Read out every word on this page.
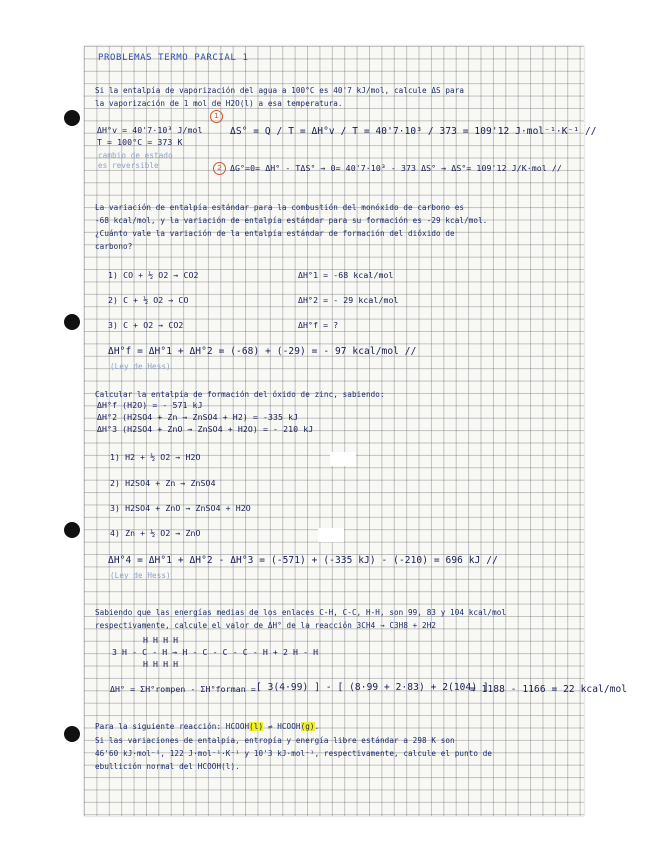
PROBLEMAS TERMO PARCIAL 1
Si la entalpía de vaporización del agua a 100°C es 40'7 kJ/mol, calcule ΔS para
la vaporización de 1 mol de H2O(l) a esa temperatura.
1
ΔH°v = 40'7·10³ J/mol
T = 100°C = 373 K
cambio de estado
es reversible
ΔS° = Q / T = ΔH°v / T = 40'7·10³ / 373 = 109'12 J·mol⁻¹·K⁻¹ //
2	ΔG°=0= ΔH° - TΔS° → 0= 40'7·10³ - 373 ΔS° → ΔS°= 109'12 J/K·mol //
La variación de entalpía estándar para la combustión del monóxido de carbono es
-68 kcal/mol, y la variación de entalpía estándar para su formación es -29 kcal/mol.
¿Cuánto vale la variación de la entalpía estándar de formación del dióxido de
carbono?
1) CO + ½ O2 → CO2	ΔH°1 = -68 kcal/mol
2) C + ½ O2 → CO	ΔH°2 = - 29 kcal/mol
3) C + O2 → CO2	ΔH°f = ?
ΔH°f = ΔH°1 + ΔH°2 = (-68) + (-29) = - 97 kcal/mol //
(Ley de Hess)
Calcular la entalpía de formación del óxido de zinc, sabiendo:
ΔH°f (H2O) = - 571 kJ
ΔH°2 (H2SO4 + Zn → ZnSO4 + H2) = -335 kJ
ΔH°3 (H2SO4 + ZnO → ZnSO4 + H2O) = - 210 kJ
1) H2 + ½ O2 → H2O
2) H2SO4 + Zn → ZnSO4
3) H2SO4 + ZnO → ZnSO4 + H2O
4) Zn + ½ O2 → ZnO
ΔH°4 = ΔH°1 + ΔH°2 - ΔH°3 = (-571) + (-335 kJ) - (-210) = 696 kJ //
(Ley de Hess)
Sabiendo que las energías medias de los enlaces C-H, C-C, H-H, son 99, 83 y 104 kcal/mol
respectivamente, calcule el valor de ΔH° de la reacción 3CH4 → C3H8 + 2H2
H H H H
3 H - C - H → H - C - C - C - H + 2 H - H
H H H H
ΔH° = ΣH°rompen - ΣH°forman = [ 3(4·99) ] - [ (8·99 + 2·83) + 2(104) ]
= 1188 - 1166 = 22 kcal/mol
Para la siguiente reacción: HCOOH(l) ⇌ HCOOH(g).
Si las variaciones de entalpía, entropía y energía libre estándar a 298 K son
46'60 kJ·mol⁻¹, 122 J·mol⁻¹·K⁻¹ y 10'3 kJ·mol⁻¹, respectivamente, calcule el punto de
ebullición normal del HCOOH(l).
